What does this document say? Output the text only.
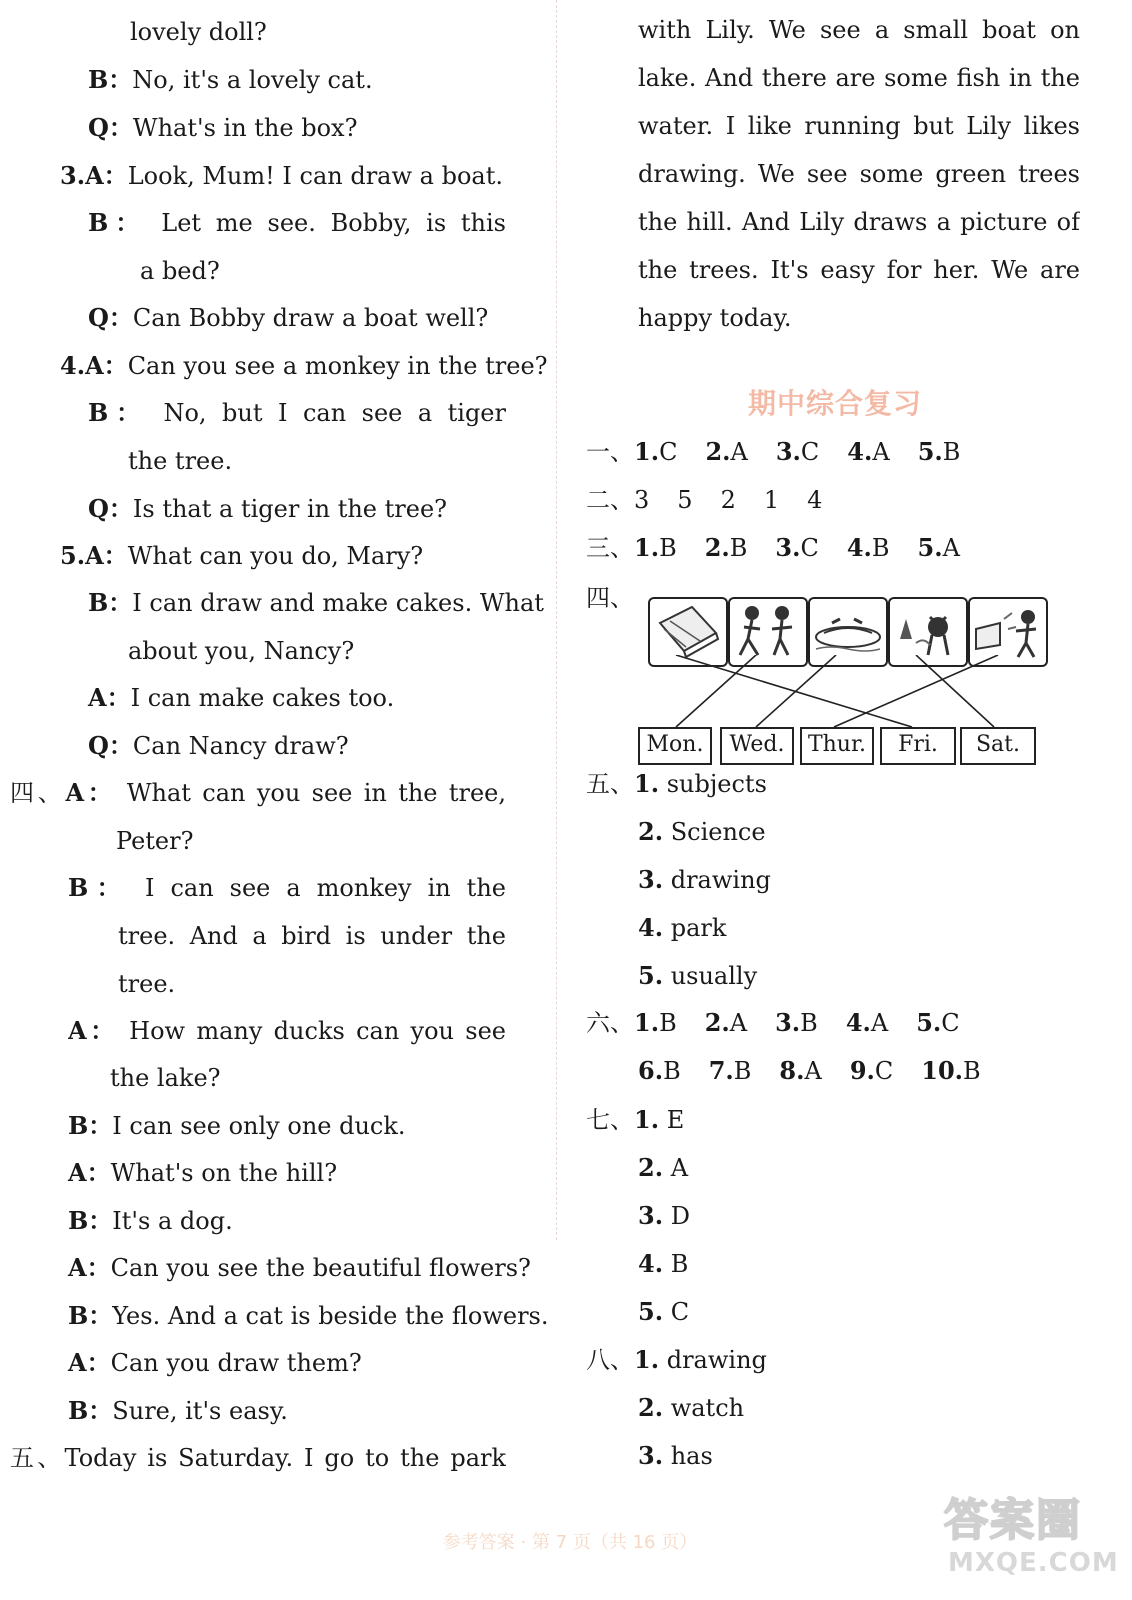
lovely doll?
B：No, it's a lovely cat.
Q：What's in the box?
3.A：Look, Mum! I can draw a boat.
B： Let me see. Bobby, is this
a bed?
Q：Can Bobby draw a boat well?
4.A：Can you see a monkey in the tree?
B： No, but I can see a tiger
the tree.
Q：Is that a tiger in the tree?
5.A：What can you do, Mary?
B：I can draw and make cakes. What
about you, Nancy?
A：I can make cakes too.
Q：Can Nancy draw?
四、A： What can you see in the tree,
Peter?
B： I can see a monkey in the
tree. And a bird is under the
tree.
A： How many ducks can you see
the lake?
B：I can see only one duck.
A：What's on the hill?
B：It's a dog.
A：Can you see the beautiful flowers?
B：Yes. And a cat is beside the flowers.
A：Can you draw them?
B：Sure, it's easy.
五、Today is Saturday. I go to the park
with Lily. We see a small boat on
lake. And there are some fish in the
water. I like running but Lily likes
drawing. We see some green trees
the hill. And Lily draws a picture of
the trees. It's easy for her. We are
happy today.
期中综合复习
一、1.C 2.A 3.C 4.A 5.B
二、3 5 2 1 4
三、1.B 2.B 3.C 4.B 5.A
四、
Mon.	Wed.	Thur.	Fri.	Sat.
五、1. subjects
2. Science
3. drawing
4. park
5. usually
六、1.B 2.A 3.B 4.A 5.C
6.B 7.B 8.A 9.C 10.B
七、1. E
2. A
3. D
4. B
5. C
八、1. drawing
2. watch
3. has
参考答案 · 第 7 页（共 16 页）	答案圈
MXQE.COM
